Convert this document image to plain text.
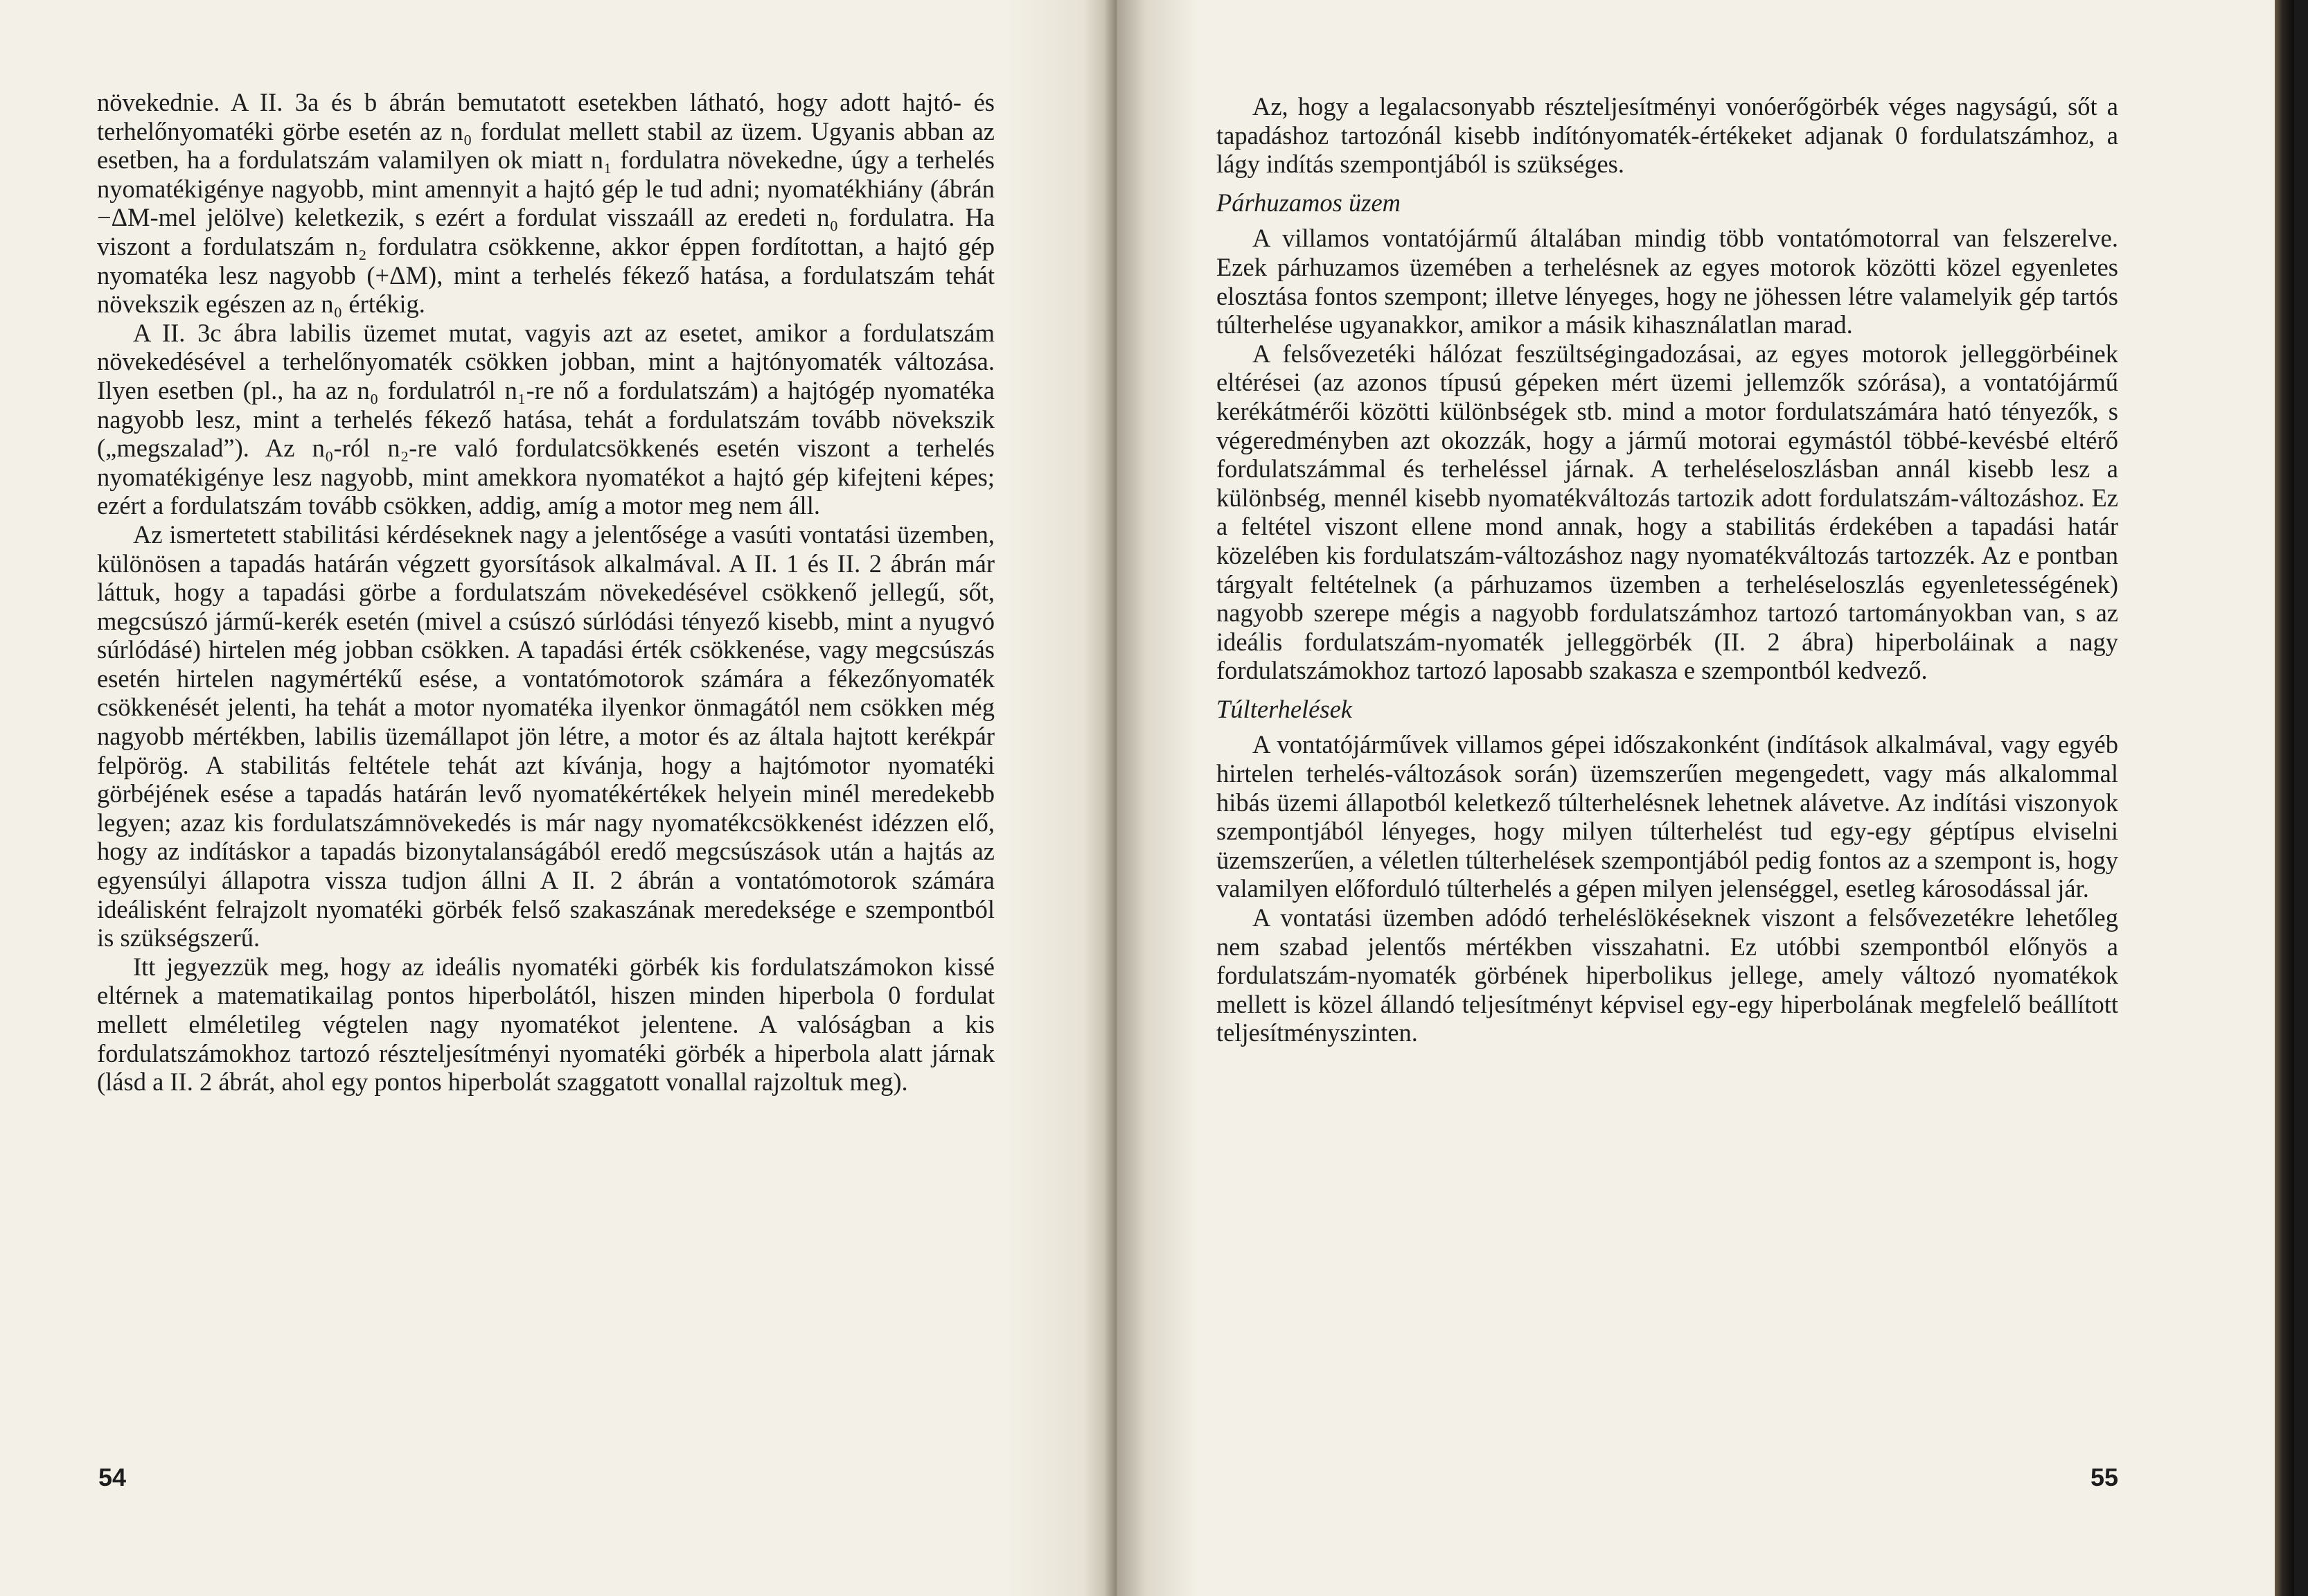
növekednie. A II. 3a és b ábrán bemutatott esetekben látható, hogy adott hajtó- és terhelőnyomatéki görbe esetén az n₀ fordulat mellett stabil az üzem. Ugyanis abban az esetben, ha a fordulatszám valamilyen ok miatt n₁ fordulatra növekedne, úgy a terhelés nyomatékigénye nagyobb, mint amennyit a hajtó gép le tud adni; nyomatékhiány (ábrán −ΔM-mel jelölve) keletkezik, s ezért a fordulat visszaáll az eredeti n₀ fordulatra. Ha viszont a fordulatszám n₂ fordulatra csökkenne, akkor éppen fordítottan, a hajtó gép nyomatéka lesz nagyobb (+ΔM), mint a terhelés fékező hatása, a fordulatszám tehát növekszik egészen az n₀ értékig.

A II. 3c ábra labilis üzemet mutat, vagyis azt az esetet, amikor a fordulatszám növekedésével a terhelőnyomaték csökken jobban, mint a hajtónyomaték változása. Ilyen esetben (pl., ha az n₀ fordulatról n₁-re nő a fordulatszám) a hajtógép nyomatéka nagyobb lesz, mint a terhelés fékező hatása, tehát a fordulatszám tovább növekszik („megszalad”). Az n₀-ról n₂-re való fordulatcsökkenés esetén viszont a terhelés nyomatékigénye lesz nagyobb, mint amekkora nyomatékot a hajtó gép kifejteni képes; ezért a fordulatszám tovább csökken, addig, amíg a motor meg nem áll.

Az ismertetett stabilitási kérdéseknek nagy a jelentősége a vasúti vontatási üzemben, különösen a tapadás határán végzett gyorsítások alkalmával. A II. 1 és II. 2 ábrán már láttuk, hogy a tapadási görbe a fordulatszám növekedésével csökkenő jellegű, sőt, megcsúszó jármű-kerék esetén (mivel a csúszó súrlódási tényező kisebb, mint a nyugvó súrlódásé) hirtelen még jobban csökken. A tapadási érték csökkenése, vagy megcsúszás esetén hirtelen nagymértékű esése, a vontatómotorok számára a fékezőnyomaték csökkenését jelenti, ha tehát a motor nyomatéka ilyenkor önmagától nem csökken még nagyobb mértékben, labilis üzemállapot jön létre, a motor és az általa hajtott kerékpár felpörög. A stabilitás feltétele tehát azt kívánja, hogy a hajtómotor nyomatéki görbéjének esése a tapadás határán levő nyomatékértékek helyein minél meredekebb legyen; azaz kis fordulatszámnövekedés is már nagy nyomatékcsökkenést idézzen elő, hogy az indításkor a tapadás bizonytalanságából eredő megcsúszások után a hajtás az egyensúlyi állapotra vissza tudjon állni A II. 2 ábrán a vontatómotorok számára ideálisként felrajzolt nyomatéki görbék felső szakaszának meredeksége e szempontból is szükségszerű.

Itt jegyezzük meg, hogy az ideális nyomatéki görbék kis fordulatszámokon kissé eltérnek a matematikailag pontos hiperbolától, hiszen minden hiperbola 0 fordulat mellett elméletileg végtelen nagy nyomatékot jelentene. A valóságban a kis fordulatszámokhoz tartozó részteljesítményi nyomatéki görbék a hiperbola alatt járnak (lásd a II. 2 ábrát, ahol egy pontos hiperbolát szaggatott vonallal rajzoltuk meg).

54

Az, hogy a legalacsonyabb részteljesítményi vonóerőgörbék véges nagyságú, sőt a tapadáshoz tartozónál kisebb indítónyomaték-értékeket adjanak 0 fordulatszámhoz, a lágy indítás szempontjából is szükséges.

Párhuzamos üzem

A villamos vontatójármű általában mindig több vontatómotorral van felszerelve. Ezek párhuzamos üzemében a terhelésnek az egyes motorok közötti közel egyenletes elosztása fontos szempont; illetve lényeges, hogy ne jöhessen létre valamelyik gép tartós túlterhelése ugyanakkor, amikor a másik kihasználatlan marad.

A felsővezetéki hálózat feszültségingadozásai, az egyes motorok jelleggörbéinek eltérései (az azonos típusú gépeken mért üzemi jellemzők szórása), a vontatójármű kerékátmérői közötti különbségek stb. mind a motor fordulatszámára ható tényezők, s végeredményben azt okozzák, hogy a jármű motorai egymástól többé-kevésbé eltérő fordulatszámmal és terheléssel járnak. A terheléseloszlásban annál kisebb lesz a különbség, mennél kisebb nyomatékváltozás tartozik adott fordulatszám-változáshoz. Ez a feltétel viszont ellene mond annak, hogy a stabilitás érdekében a tapadási határ közelében kis fordulatszám-változáshoz nagy nyomatékváltozás tartozzék. Az e pontban tárgyalt feltételnek (a párhuzamos üzemben a terheléseloszlás egyenletességének) nagyobb szerepe mégis a nagyobb fordulatszámhoz tartozó tartományokban van, s az ideális fordulatszám-nyomaték jelleggörbék (II. 2 ábra) hiperboláinak a nagy fordulatszámokhoz tartozó laposabb szakasza e szempontból kedvező.

Túlterhelések

A vontatójárművek villamos gépei időszakonként (indítások alkalmával, vagy egyéb hirtelen terhelés-változások során) üzemszerűen megengedett, vagy más alkalommal hibás üzemi állapotból keletkező túlterhelésnek lehetnek alávetve. Az indítási viszonyok szempontjából lényeges, hogy milyen túlterhelést tud egy-egy géptípus elviselni üzemszerűen, a véletlen túlterhelések szempontjából pedig fontos az a szempont is, hogy valamilyen előforduló túlterhelés a gépen milyen jelenséggel, esetleg károsodással jár.

A vontatási üzemben adódó terheléslökéseknek viszont a felsővezetékre lehetőleg nem szabad jelentős mértékben visszahatni. Ez utóbbi szempontból előnyös a fordulatszám-nyomaték görbének hiperbolikus jellege, amely változó nyomatékok mellett is közel állandó teljesítményt képvisel egy-egy hiperbolának megfelelő beállított teljesítményszinten.

55
